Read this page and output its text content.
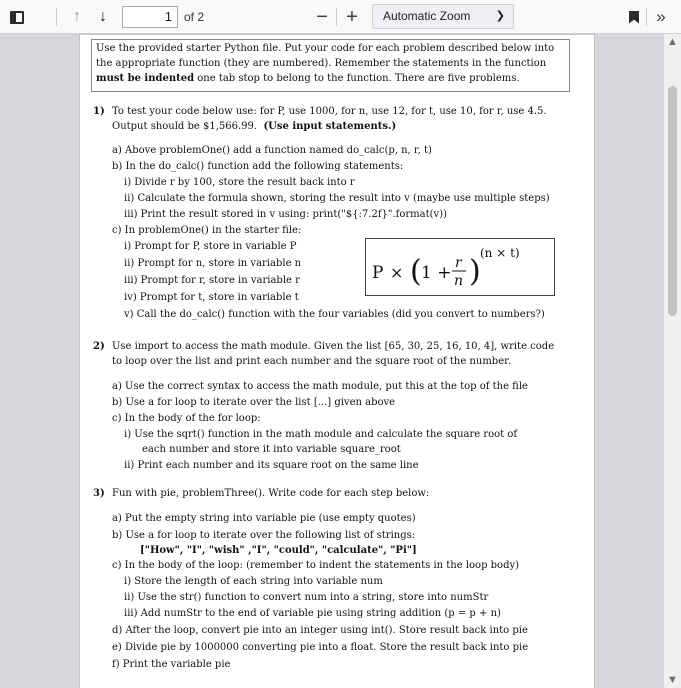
↑	↓	1	of 2	− +	Automatic Zoom ❯	»
Use the provided starter Python file. Put your code for each problem described below into
the appropriate function (they are numbered). Remember the statements in the function
must be indented one tab stop to belong to the function. There are five problems.
1) To test your code below use: for P, use 1000, for n, use 12, for t, use 10, for r, use 4.5.
Output should be $1,566.99. (Use input statements.)
a) Above problemOne() add a function named do_calc(p, n, r, t)
b) In the do_calc() function add the following statements:
i) Divide r by 100, store the result back into r
ii) Calculate the formula shown, storing the result into v (maybe use multiple steps)
iii) Print the result stored in v using: print("${:7.2f}".format(v))
c) In problemOne() in the starter file:
i) Prompt for P, store in variable P
ii) Prompt for n, store in variable n
iii) Prompt for r, store in variable r
iv) Prompt for t, store in variable t
v) Call the do_calc() function with the four variables (did you convert to numbers?)
P × ( 1 + r
n )
(n × t)
2) Use import to access the math module. Given the list [65, 30, 25, 16, 10, 4], write code
to loop over the list and print each number and the square root of the number.
a) Use the correct syntax to access the math module, put this at the top of the file
b) Use a for loop to iterate over the list [...] given above
c) In the body of the for loop:
i) Use the sqrt() function in the math module and calculate the square root of
each number and store it into variable square_root
ii) Print each number and its square root on the same line
3) Fun with pie, problemThree(). Write code for each step below:
a) Put the empty string into variable pie (use empty quotes)
b) Use a for loop to iterate over the following list of strings:
["How", "I", "wish" ,"I", "could", "calculate", "Pi"]
c) In the body of the loop: (remember to indent the statements in the loop body)
i) Store the length of each string into variable num
ii) Use the str() function to convert num into a string, store into numStr
iii) Add numStr to the end of variable pie using string addition (p = p + n)
d) After the loop, convert pie into an integer using int(). Store result back into pie
e) Divide pie by 1000000 converting pie into a float. Store the result back into pie
f) Print the variable pie
▲
▼
